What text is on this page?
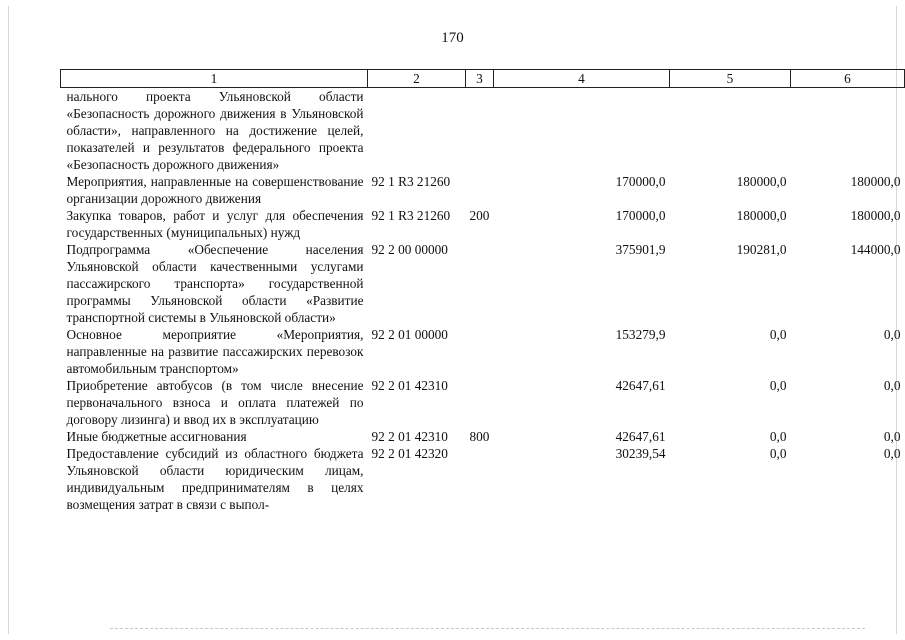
170
1	2	3	4	5	6
нального проекта Ульяновской области «Безопасность дорожного движения в Ульяновской области», направленного на достижение целей, показателей и результатов федерального проекта «Безопасность дорожного движения»					
Мероприятия, направленные на совершенствование организации дорожного движения	92 1 R3 21260		170000,0	180000,0	180000,0
Закупка товаров, работ и услуг для обеспечения государственных (муниципальных) нужд	92 1 R3 21260	200	170000,0	180000,0	180000,0
Подпрограмма «Обеспечение населения Ульяновской области качественными услугами пассажирского транспорта» государственной программы Ульяновской области «Развитие транспортной системы в Ульяновской области»	92 2 00 00000		375901,9	190281,0	144000,0
Основное мероприятие «Мероприятия, направленные на развитие пассажирских перевозок автомобильным транспортом»	92 2 01 00000		153279,9	0,0	0,0
Приобретение автобусов (в том числе внесение первоначального взноса и оплата платежей по договору лизинга) и ввод их в эксплуатацию	92 2 01 42310		42647,61	0,0	0,0
Иные бюджетные ассигнования	92 2 01 42310	800	42647,61	0,0	0,0
Предоставление субсидий из областного бюджета Ульяновской области юридическим лицам, индивидуальным предпринимателям в целях возмещения затрат в связи с выпол-	92 2 01 42320		30239,54	0,0	0,0
